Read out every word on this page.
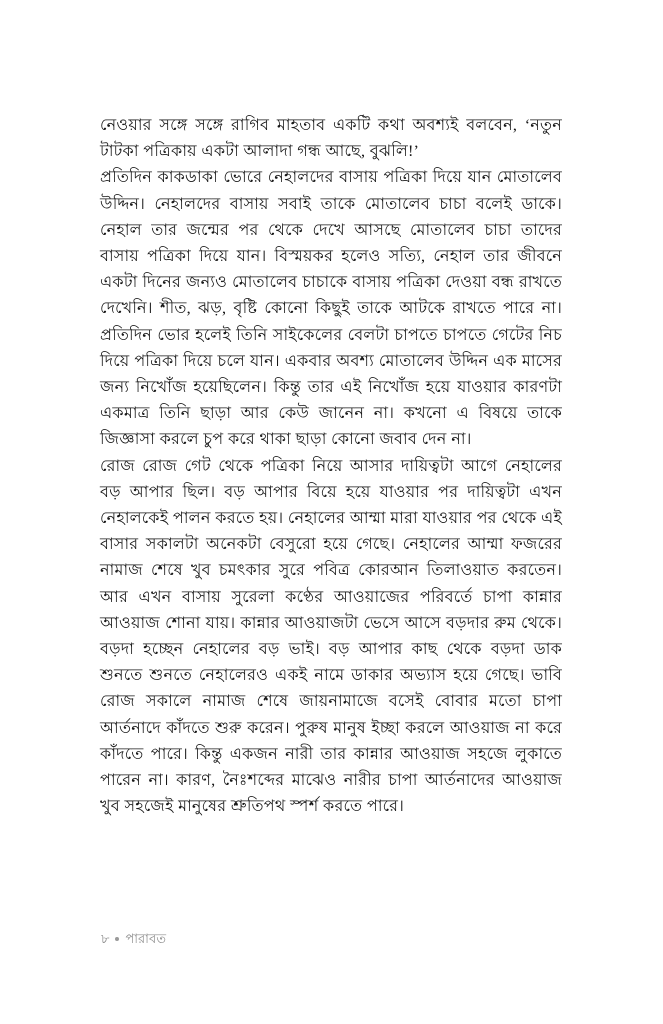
নেওয়ার সঙ্গে সঙ্গে রাগিব মাহতাব একটি কথা অবশ্যই বলবেন, ‘নতুন টাটকা পত্রিকায় একটা আলাদা গন্ধ আছে, বুঝলি!’

প্রতিদিন কাকডাকা ভোরে নেহালদের বাসায় পত্রিকা দিয়ে যান মোতালেব উদ্দিন। নেহালদের বাসায় সবাই তাকে মোতালেব চাচা বলেই ডাকে। নেহাল তার জন্মের পর থেকে দেখে আসছে মোতালেব চাচা তাদের বাসায় পত্রিকা দিয়ে যান। বিস্ময়কর হলেও সত্যি, নেহাল তার জীবনে একটা দিনের জন্যও মোতালেব চাচাকে বাসায় পত্রিকা দেওয়া বন্ধ রাখতে দেখেনি। শীত, ঝড়, বৃষ্টি কোনো কিছুই তাকে আটকে রাখতে পারে না। প্রতিদিন ভোর হলেই তিনি সাইকেলের বেলটা চাপতে চাপতে গেটের নিচ দিয়ে পত্রিকা দিয়ে চলে যান। একবার অবশ্য মোতালেব উদ্দিন এক মাসের জন্য নিখোঁজ হয়েছিলেন। কিন্তু তার এই নিখোঁজ হয়ে যাওয়ার কারণটা একমাত্র তিনি ছাড়া আর কেউ জানেন না। কখনো এ বিষয়ে তাকে জিজ্ঞাসা করলে চুপ করে থাকা ছাড়া কোনো জবাব দেন না।

রোজ রোজ গেট থেকে পত্রিকা নিয়ে আসার দায়িত্বটা আগে নেহালের বড় আপার ছিল। বড় আপার বিয়ে হয়ে যাওয়ার পর দায়িত্বটা এখন নেহালকেই পালন করতে হয়। নেহালের আম্মা মারা যাওয়ার পর থেকে এই বাসার সকালটা অনেকটা বেসুরো হয়ে গেছে। নেহালের আম্মা ফজরের নামাজ শেষে খুব চমৎকার সুরে পবিত্র কোরআন তিলাওয়াত করতেন। আর এখন বাসায় সুরেলা কণ্ঠের আওয়াজের পরিবর্তে চাপা কান্নার আওয়াজ শোনা যায়। কান্নার আওয়াজটা ভেসে আসে বড়দার রুম থেকে। বড়দা হচ্ছেন নেহালের বড় ভাই। বড় আপার কাছ থেকে বড়দা ডাক শুনতে শুনতে নেহালেরও একই নামে ডাকার অভ্যাস হয়ে গেছে। ভাবি রোজ সকালে নামাজ শেষে জায়নামাজে বসেই বোবার মতো চাপা আর্তনাদে কাঁদতে শুরু করেন। পুরুষ মানুষ ইচ্ছা করলে আওয়াজ না করে কাঁদতে পারে। কিন্তু একজন নারী তার কান্নার আওয়াজ সহজে লুকাতে পারেন না। কারণ, নৈঃশব্দের মাঝেও নারীর চাপা আর্তনাদের আওয়াজ খুব সহজেই মানুষের শ্রুতিপথ স্পর্শ করতে পারে।

৮ পারাবত
